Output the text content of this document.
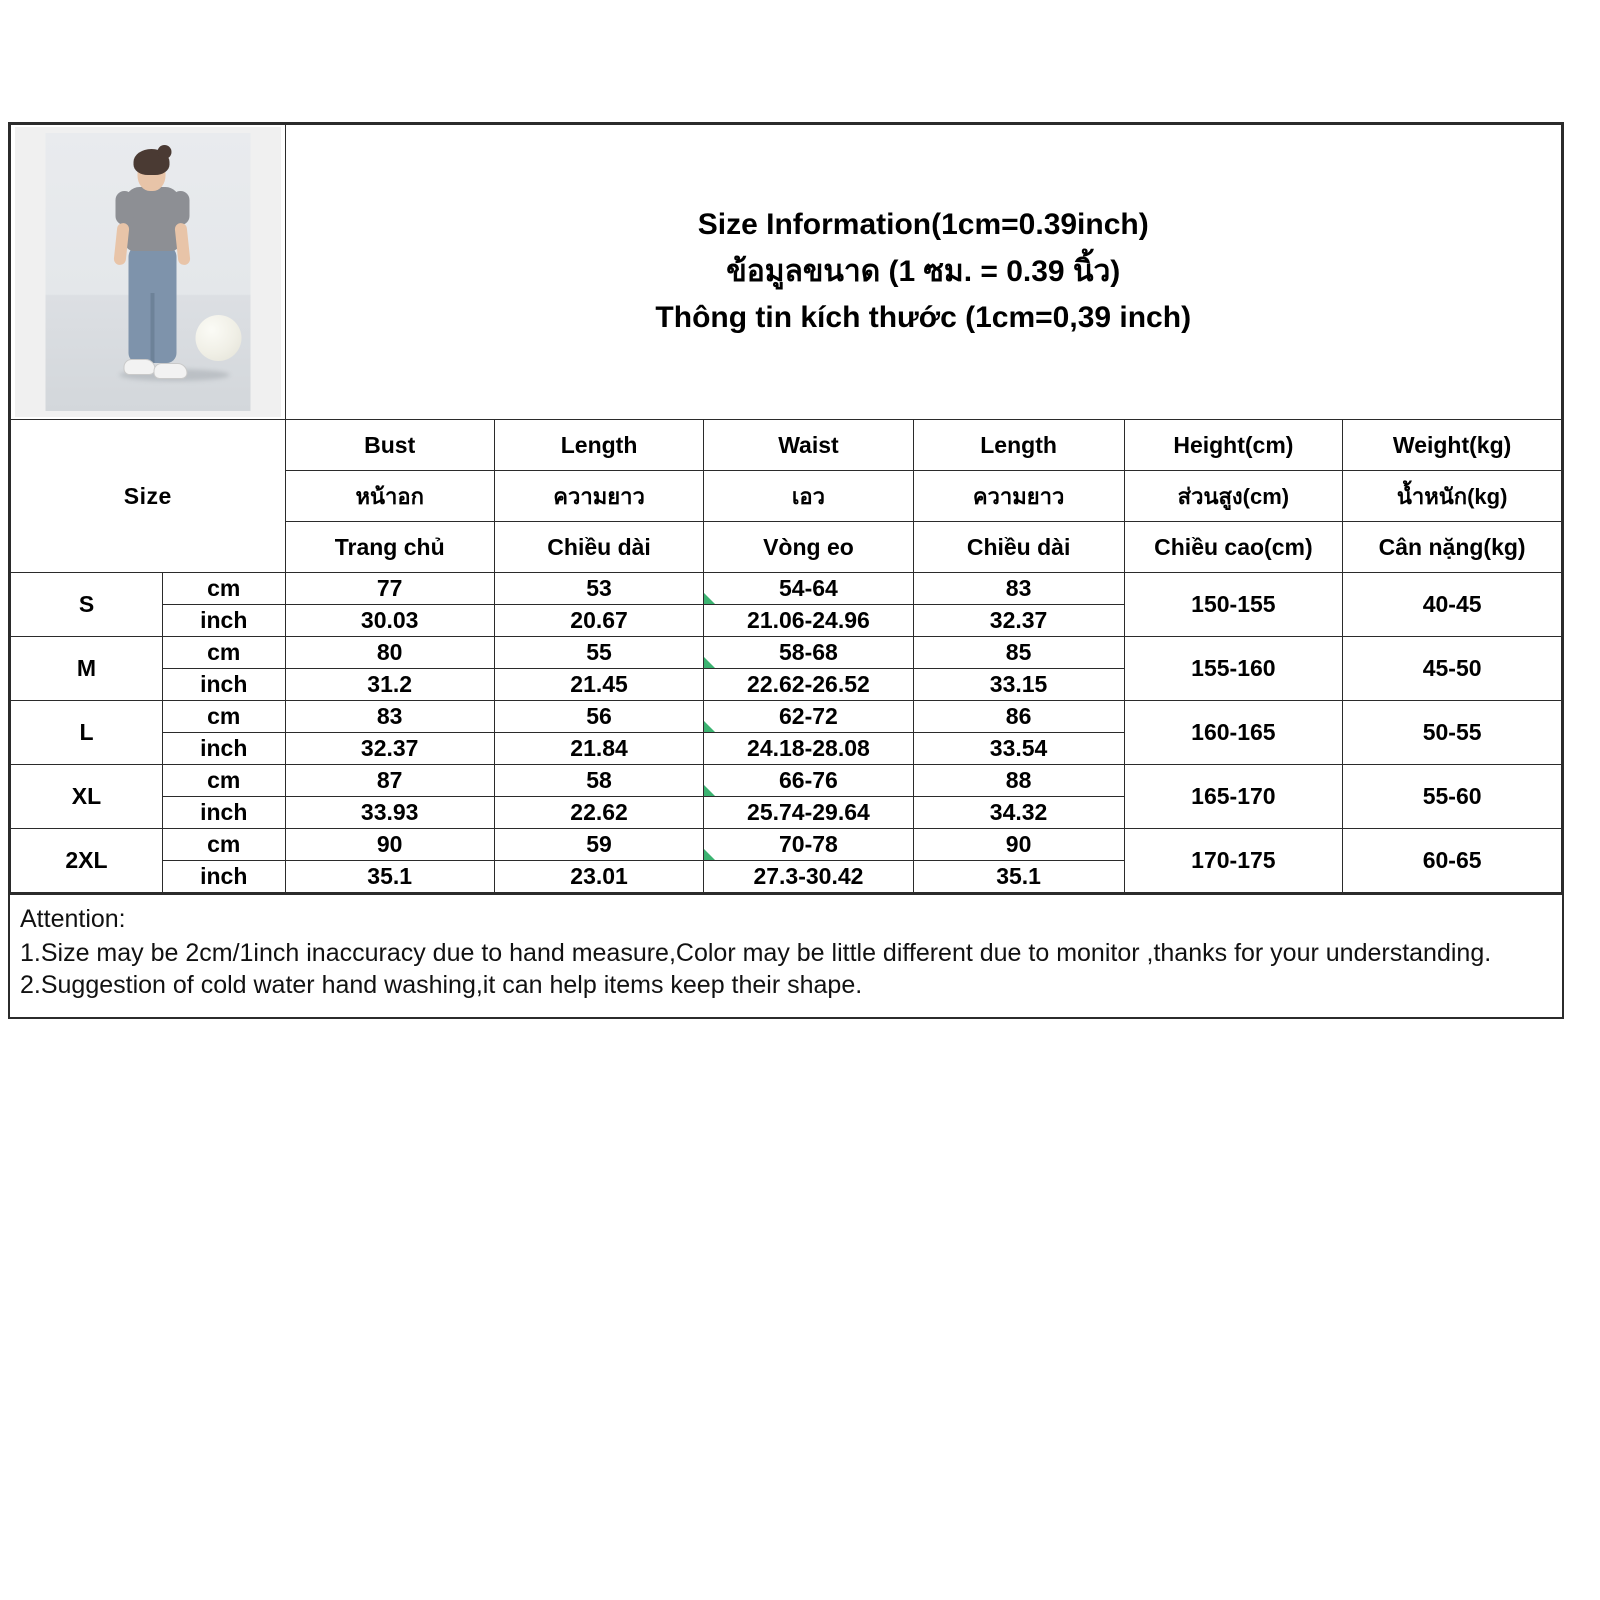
		Size Information(1cm=0.39inch)
ข้อมูลขนาด (1 ซม. = 0.39 นิ้ว)
Thông tin kích thước (1cm=0,39 inch)					

Size		Bust	Length	Waist	Length	Height(cm)	Weight(kg)
		หน้าอก	ความยาว	เอว	ความยาว	ส่วนสูง(cm)	น้ำหนัก(kg)
		Trang chủ	Chiều dài	Vòng eo	Chiều dài	Chiều cao(cm)	Cân nặng(kg)
S	cm	77	53	54-64	83	150-155	40-45
	inch	30.03	20.67	21.06-24.96	32.37		
M	cm	80	55	58-68	85	155-160	45-50
	inch	31.2	21.45	22.62-26.52	33.15		
L	cm	83	56	62-72	86	160-165	50-55
	inch	32.37	21.84	24.18-28.08	33.54		
XL	cm	87	58	66-76	88	165-170	55-60
	inch	33.93	22.62	25.74-29.64	34.32		
2XL	cm	90	59	70-78	90	170-175	60-65
	inch	35.1	23.01	27.3-30.42	35.1		
Attention:
1.Size may be 2cm/1inch inaccuracy due to hand measure,Color may be little different due to monitor ,thanks for your understanding.
2.Suggestion of cold water hand washing,it can help items keep their shape.
